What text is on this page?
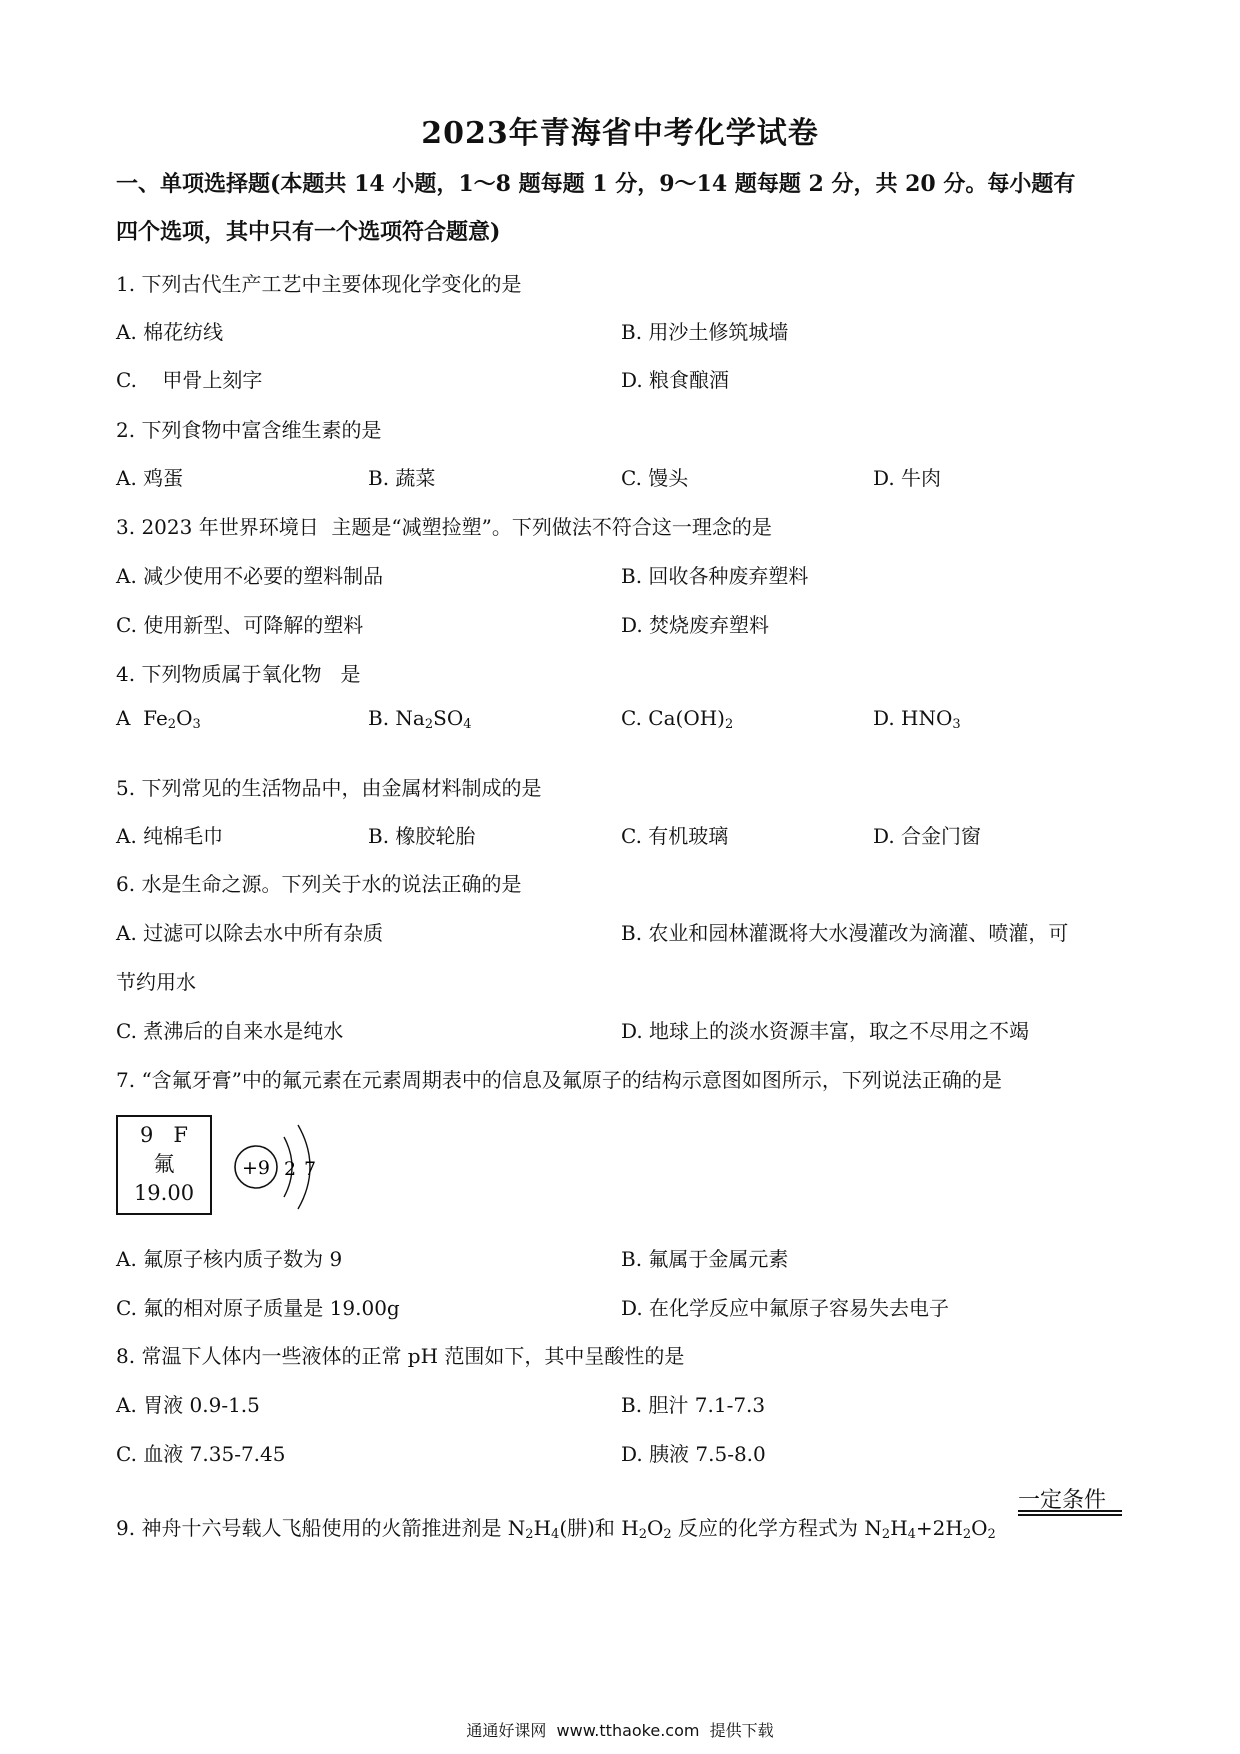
2023年青海省中考化学试卷
一、单项选择题(本题共 14 小题，1～8 题每题 1 分，9～14 题每题 2 分，共 20 分。每小题有
四个选项，其中只有一个选项符合题意)
1. 下列古代生产工艺中主要体现化学变化的是
A. 棉花纺线	B. 用沙土修筑城墙
C.    甲骨上刻字	D. 粮食酿酒
2. 下列食物中富含维生素的是
A. 鸡蛋	B. 蔬菜	C. 馒头	D. 牛肉
3. 2023 年世界环境日  主题是“减塑捡塑”。下列做法不符合这一理念的是
A. 减少使用不必要的塑料制品	B. 回收各种废弃塑料
C. 使用新型、可降解的塑料	D. 焚烧废弃塑料
4. 下列物质属于氧化物   是
A  $Fe_2O_3$	B. $Na_2SO_4$	C. $Ca(OH)_2$	D. $HNO_3$
5. 下列常见的生活物品中，由金属材料制成的是
A. 纯棉毛巾	B. 橡胶轮胎	C. 有机玻璃	D. 合金门窗
6. 水是生命之源。下列关于水的说法正确的是
A. 过滤可以除去水中所有杂质	B. 农业和园林灌溉将大水漫灌改为滴灌、喷灌，可
节约用水
C. 煮沸后的自来水是纯水	D. 地球上的淡水资源丰富，取之不尽用之不竭
7. “含氟牙膏”中的氟元素在元素周期表中的信息及氟原子的结构示意图如图所示，下列说法正确的是
9   F
氟
19.00
+9 2 7
A. 氟原子核内质子数为 9	B. 氟属于金属元素
C. 氟的相对原子质量是 19.00g	D. 在化学反应中氟原子容易失去电子
8. 常温下人体内一些液体的正常 pH 范围如下，其中呈酸性的是
A. 胃液 0.9-1.5	B. 胆汁 7.1-7.3
C. 血液 7.35-7.45	D. 胰液 7.5-8.0
一定条件
9. 神舟十六号载人飞船使用的火箭推进剂是 $N_2H_4$(肼)和 $H_2O_2$ 反应的化学方程式为 $N_2H_4+2H_2O_2$
通通好课网  www.tthaoke.com  提供下载
